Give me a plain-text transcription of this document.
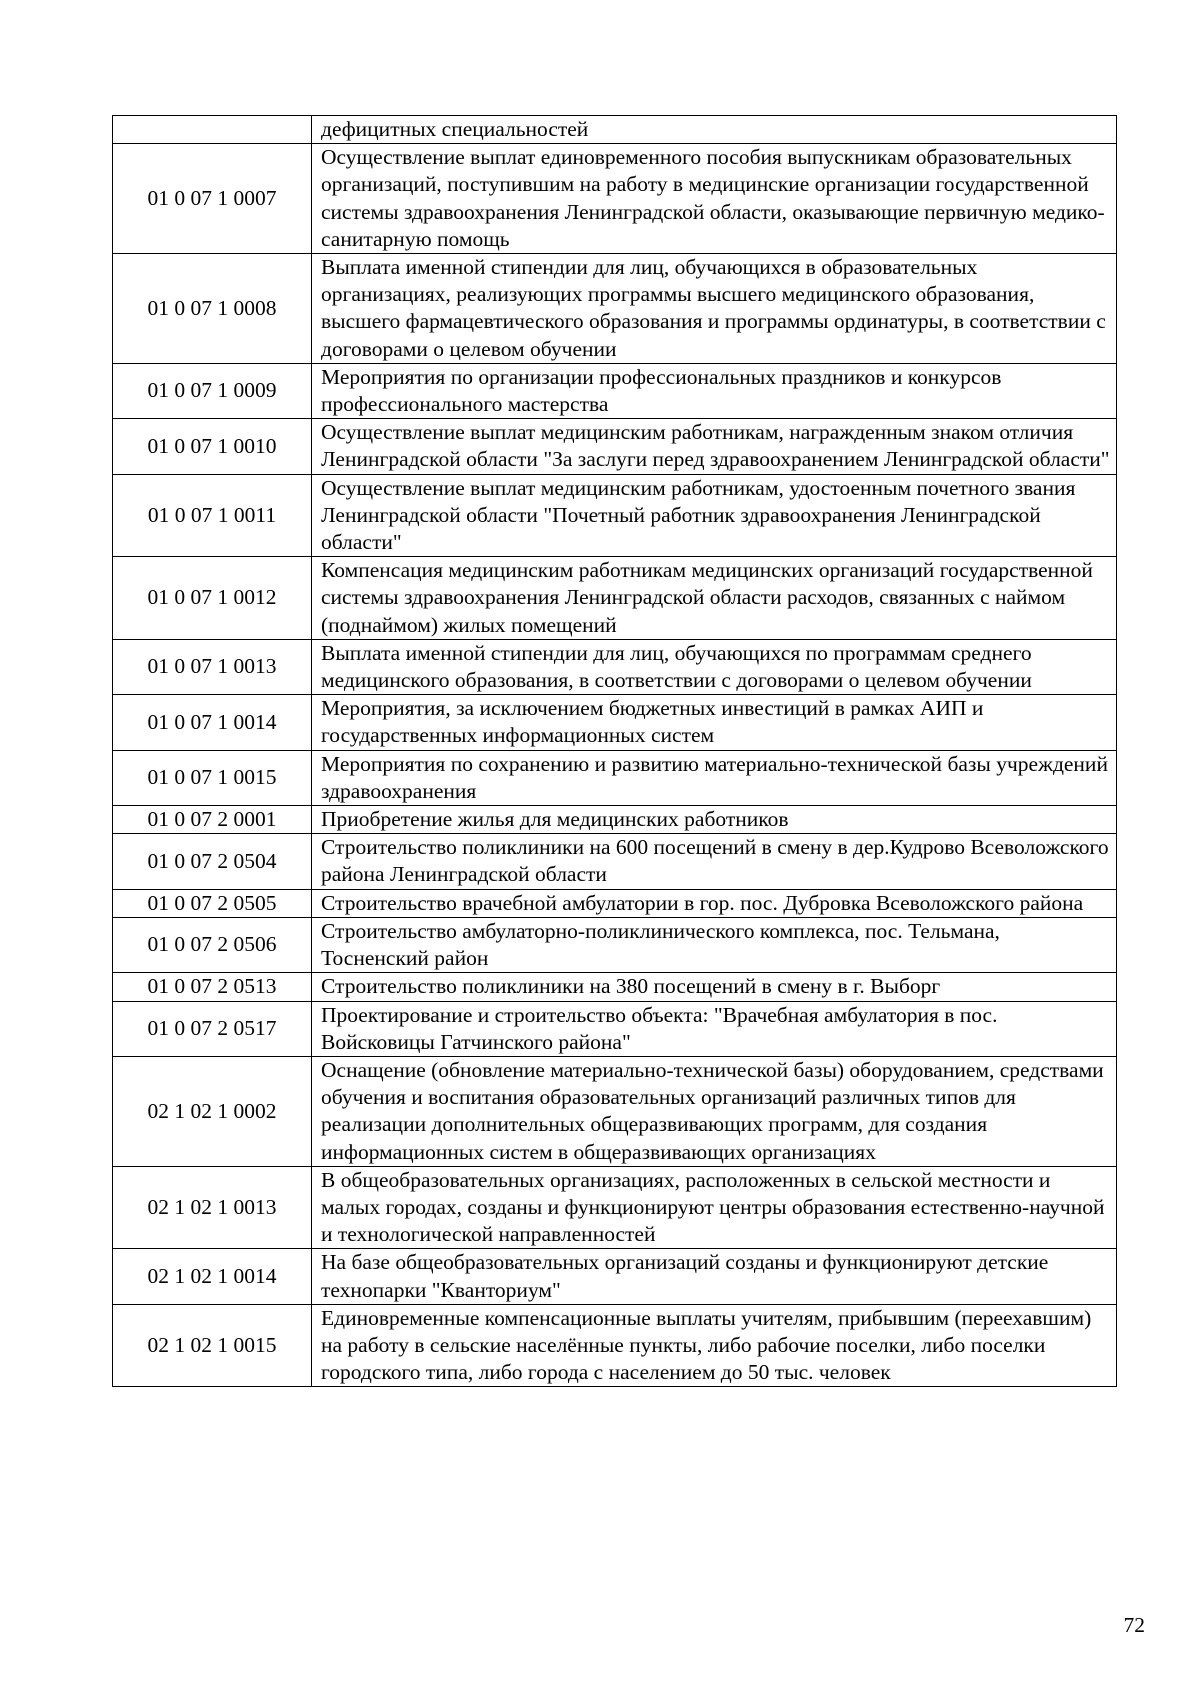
	дефицитных специальностей
01 0 07 1 0007	Осуществление выплат единовременного пособия выпускникам образовательных организаций, поступившим на работу в медицинские организации государственной системы здравоохранения Ленинградской области, оказывающие первичную медико-санитарную помощь
01 0 07 1 0008	Выплата именной стипендии для лиц, обучающихся в образовательных организациях, реализующих программы высшего медицинского образования, высшего фармацевтического образования и программы ординатуры, в соответствии с договорами о целевом обучении
01 0 07 1 0009	Мероприятия по организации профессиональных праздников и конкурсов профессионального мастерства
01 0 07 1 0010	Осуществление выплат медицинским работникам, награжденным знаком отличия Ленинградской области "За заслуги перед здравоохранением Ленинградской области"
01 0 07 1 0011	Осуществление выплат медицинским работникам, удостоенным почетного звания Ленинградской области "Почетный работник здравоохранения Ленинградской области"
01 0 07 1 0012	Компенсация медицинским работникам медицинских организаций государственной системы здравоохранения Ленинградской области расходов, связанных с наймом (поднаймом) жилых помещений
01 0 07 1 0013	Выплата именной стипендии для лиц, обучающихся по программам среднего медицинского образования, в соответствии с договорами о целевом обучении
01 0 07 1 0014	Мероприятия, за исключением бюджетных инвестиций в рамках АИП и государственных информационных систем
01 0 07 1 0015	Мероприятия по сохранению и развитию материально-технической базы учреждений здравоохранения
01 0 07 2 0001	Приобретение жилья для медицинских работников
01 0 07 2 0504	Строительство поликлиники на 600 посещений в смену в дер.Кудрово Всеволожского района Ленинградской области
01 0 07 2 0505	Строительство врачебной амбулатории в гор. пос. Дубровка Всеволожского района
01 0 07 2 0506	Строительство амбулаторно-поликлинического комплекса, пос. Тельмана, Тосненский район
01 0 07 2 0513	Строительство поликлиники на 380 посещений в смену в г. Выборг
01 0 07 2 0517	Проектирование и строительство объекта: "Врачебная амбулатория в пос. Войсковицы Гатчинского района"
02 1 02 1 0002	Оснащение (обновление материально-технической базы) оборудованием, средствами обучения и воспитания образовательных организаций различных типов для реализации дополнительных общеразвивающих программ, для создания информационных систем в общеразвивающих организациях
02 1 02 1 0013	В общеобразовательных организациях, расположенных в сельской местности и малых городах, созданы и функционируют центры образования естественно-научной и технологической направленностей
02 1 02 1 0014	На базе общеобразовательных организаций созданы и функционируют детские технопарки "Кванториум"
02 1 02 1 0015	Единовременные компенсационные выплаты учителям, прибывшим (переехавшим) на работу в сельские населённые пункты, либо рабочие поселки, либо поселки городского типа, либо города с населением до 50 тыс. человек
72
